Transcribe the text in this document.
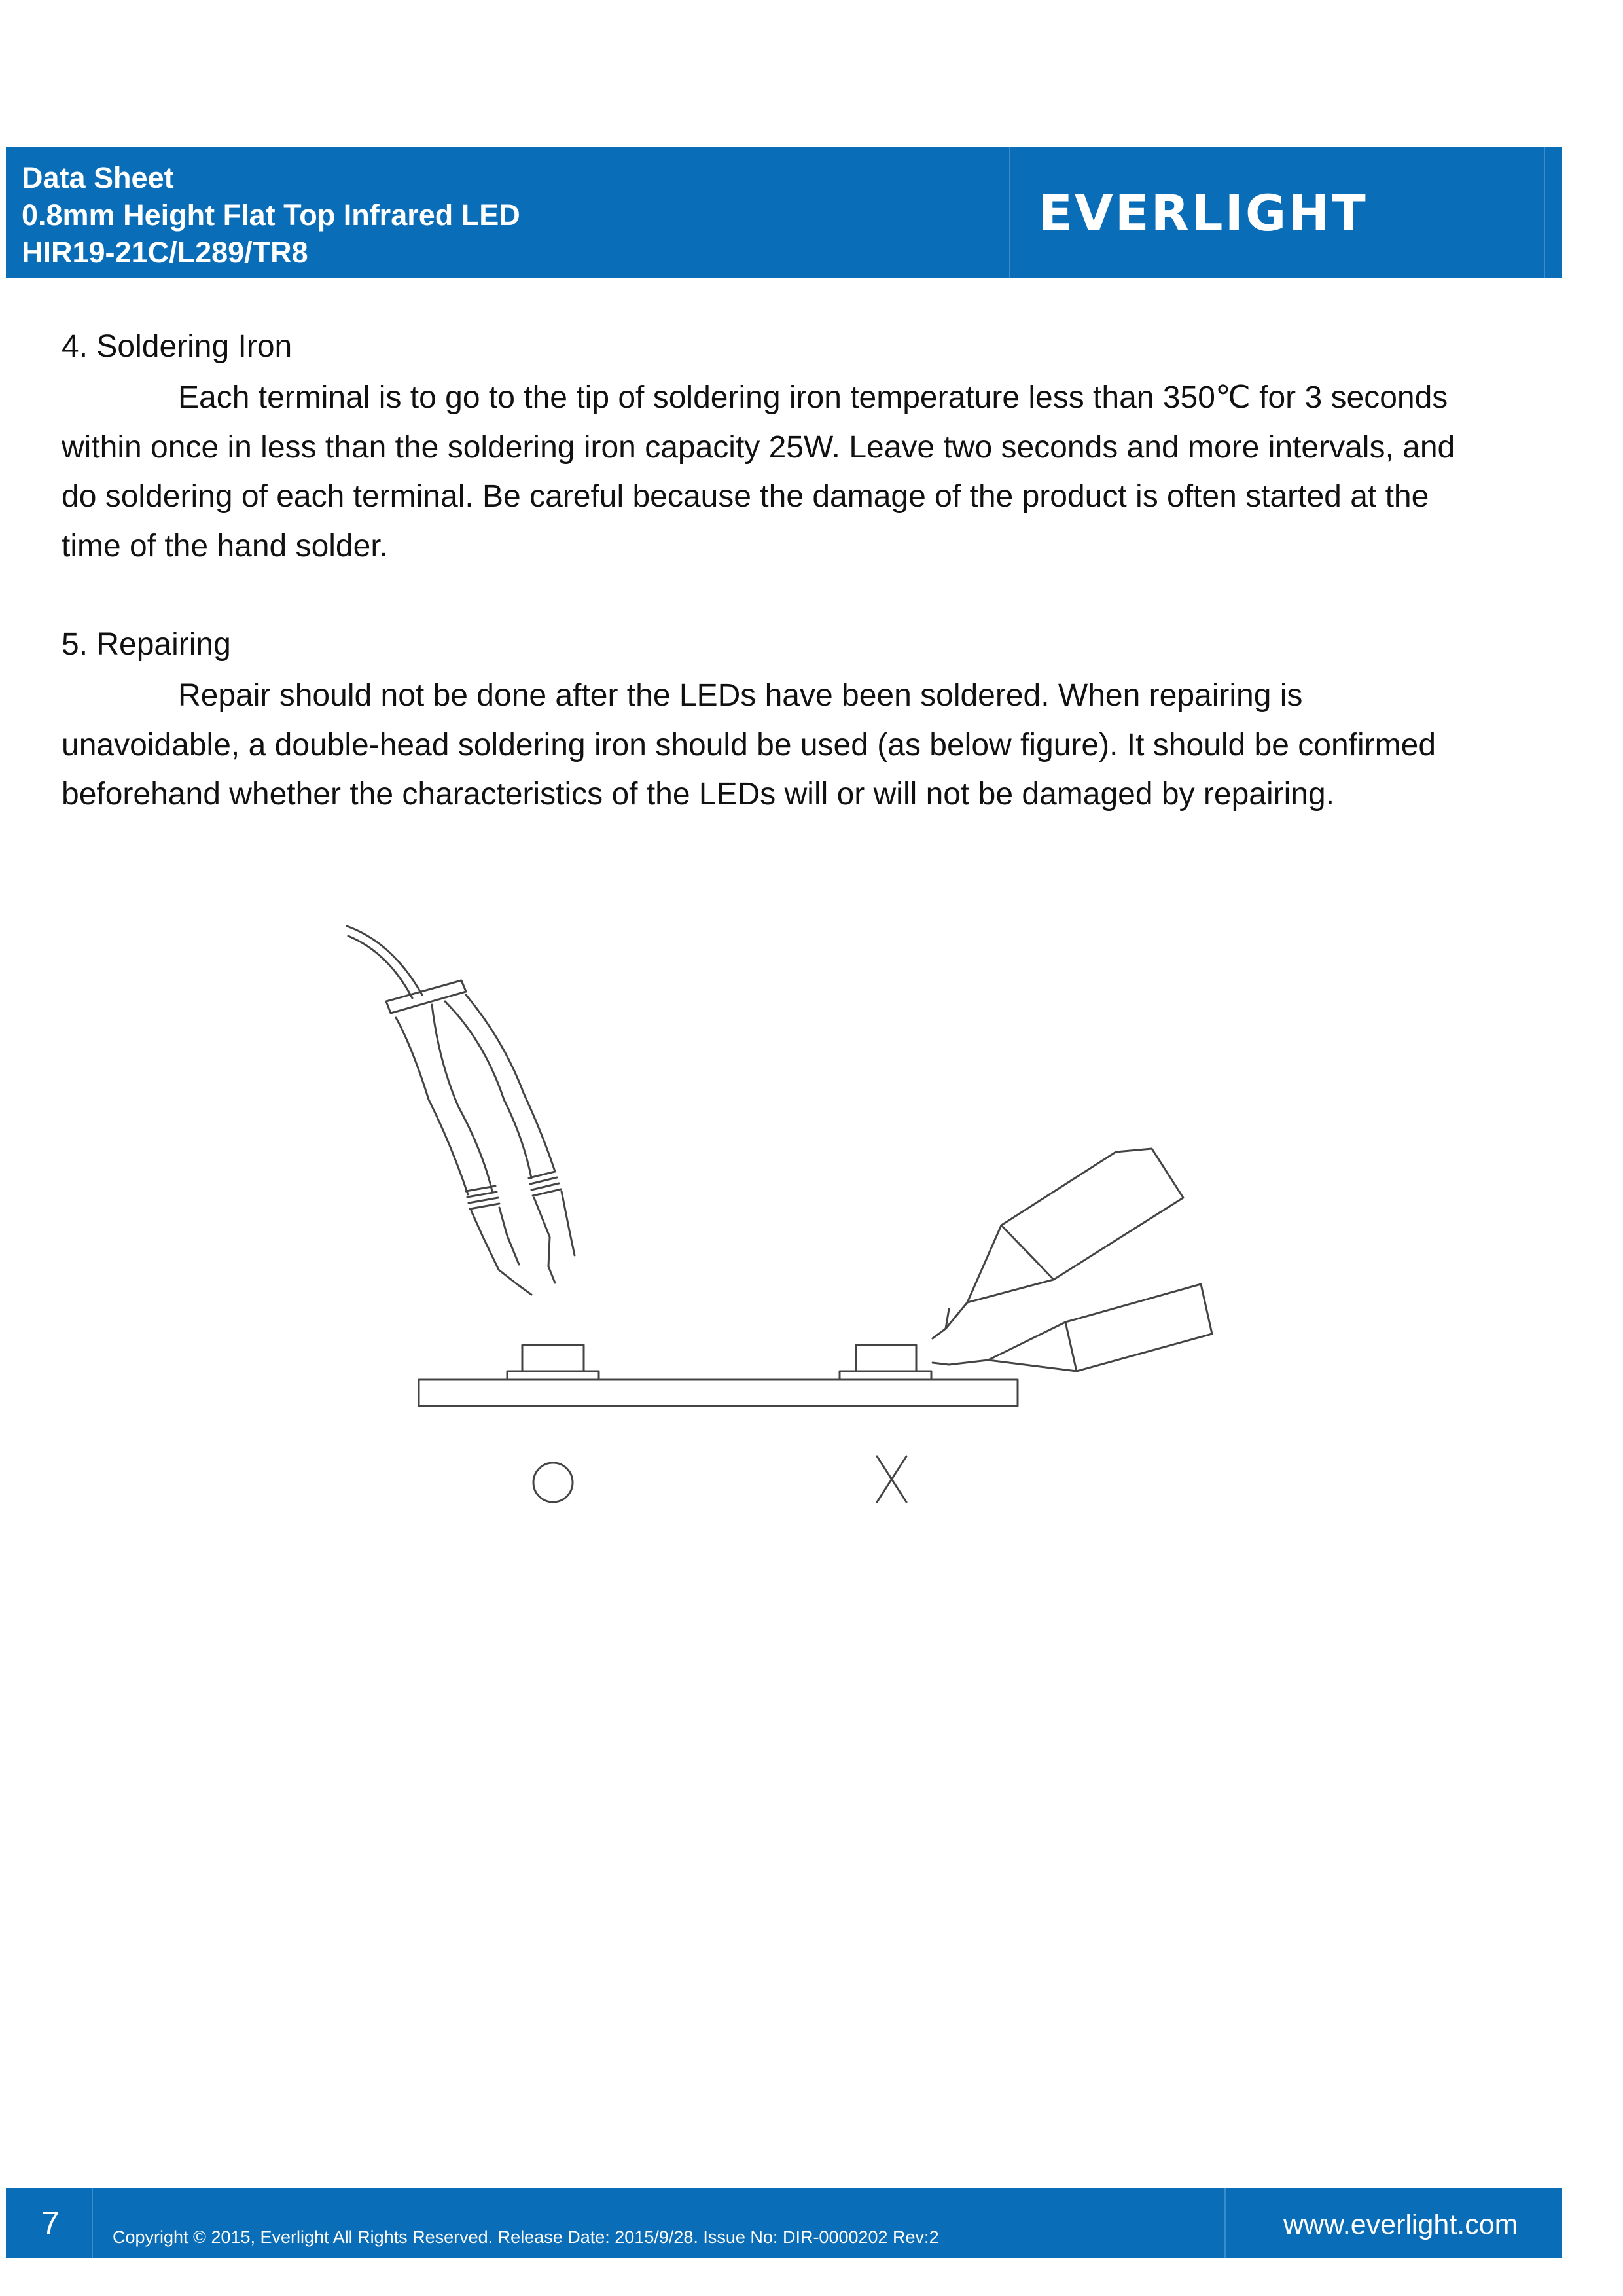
Data Sheet
0.8mm Height Flat Top Infrared LED
HIR19-21C/L289/TR8
EVERLIGHT
4. Soldering Iron
Each terminal is to go to the tip of soldering iron temperature less than 350℃ for 3 seconds within once in less than the soldering iron capacity 25W. Leave two seconds and more intervals, and do soldering of each terminal. Be careful because the damage of the product is often started at the time of the hand solder.
5. Repairing
Repair should not be done after the LEDs have been soldered. When repairing is unavoidable, a double-head soldering iron should be used (as below figure). It should be confirmed beforehand whether the characteristics of the LEDs will or will not be damaged by repairing.
7	Copyright © 2015, Everlight All Rights Reserved. Release Date: 2015/9/28. Issue No: DIR-0000202 Rev:2	www.everlight.com
